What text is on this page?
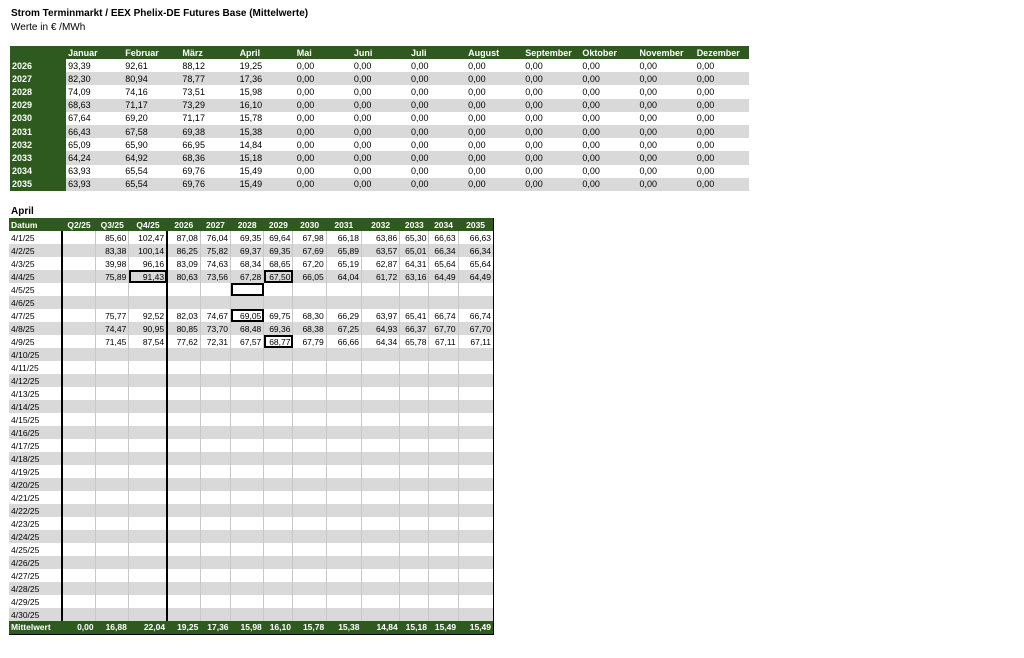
Strom Terminmarkt / EEX Phelix-DE Futures Base (Mittelwerte)
Werte in € /MWh
	Januar	Februar	März	April	Mai	Juni	Juli	August	September	Oktober	November	Dezember
2026	93,39	92,61	88,12	19,25	0,00	0,00	0,00	0,00	0,00	0,00	0,00	0,00
2027	82,30	80,94	78,77	17,36	0,00	0,00	0,00	0,00	0,00	0,00	0,00	0,00
2028	74,09	74,16	73,51	15,98	0,00	0,00	0,00	0,00	0,00	0,00	0,00	0,00
2029	68,63	71,17	73,29	16,10	0,00	0,00	0,00	0,00	0,00	0,00	0,00	0,00
2030	67,64	69,20	71,17	15,78	0,00	0,00	0,00	0,00	0,00	0,00	0,00	0,00
2031	66,43	67,58	69,38	15,38	0,00	0,00	0,00	0,00	0,00	0,00	0,00	0,00
2032	65,09	65,90	66,95	14,84	0,00	0,00	0,00	0,00	0,00	0,00	0,00	0,00
2033	64,24	64,92	68,36	15,18	0,00	0,00	0,00	0,00	0,00	0,00	0,00	0,00
2034	63,93	65,54	69,76	15,49	0,00	0,00	0,00	0,00	0,00	0,00	0,00	0,00
2035	63,93	65,54	69,76	15,49	0,00	0,00	0,00	0,00	0,00	0,00	0,00	0,00
April
Datum	Q2/25	Q3/25	Q4/25	2026	2027	2028	2029	2030	2031	2032	2033	2034	2035
4/1/25		85,60	102,47	87,08	76,04	69,35	69,64	67,98	66,18	63,86	65,30	66,63	66,63
4/2/25		83,38	100,14	86,25	75,82	69,37	69,35	67,69	65,89	63,57	65,01	66,34	66,34
4/3/25		39,98	96,16	83,09	74,63	68,34	68,65	67,20	65,19	62,87	64,31	65,64	65,64
4/4/25		75,89	91,43	80,63	73,56	67,28	67,50	66,05	64,04	61,72	63,16	64,49	64,49
4/5/25													
4/6/25													
4/7/25		75,77	92,52	82,03	74,67	69,05	69,75	68,30	66,29	63,97	65,41	66,74	66,74
4/8/25		74,47	90,95	80,85	73,70	68,48	69,36	68,38	67,25	64,93	66,37	67,70	67,70
4/9/25		71,45	87,54	77,62	72,31	67,57	68,77	67,79	66,66	64,34	65,78	67,11	67,11
4/10/25													
4/11/25													
4/12/25													
4/13/25													
4/14/25													
4/15/25													
4/16/25													
4/17/25													
4/18/25													
4/19/25													
4/20/25													
4/21/25													
4/22/25													
4/23/25													
4/24/25													
4/25/25													
4/26/25													
4/27/25													
4/28/25													
4/29/25													
4/30/25													
Mittelwert	0,00	16,88	22,04	19,25	17,36	15,98	16,10	15,78	15,38	14,84	15,18	15,49	15,49
